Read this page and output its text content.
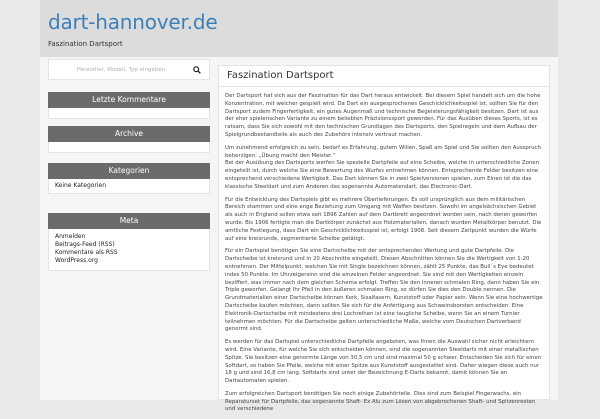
dart-hannover.de
Faszination Dartsport
Hersteller, Modell, Typ eingeben
Letzte Kommentare
Archive
Kategorien
Keine Kategorien
Meta
Anmelden
Beitrags-Feed (RSS)
Kommentare als RSS
WordPress.org
Faszination Dartsport

Der Dartsport hat sich aus der Faszination für das Dart heraus entwickelt. Bei diesem Spiel handelt sich um die hohe Konzentration, mit welcher gespielt wird. Da Dart ein ausgesprochenes Geschicklichkeitsspiel ist, sollten Sie für den Dartsport zudem Fingerfertigkeit, ein gutes Augenmaß und technische Begeisterungsfähigkeit besitzen. Dart ist aus der eher spielerischen Variante zu einem beliebten Präzisionssport geworden. Für das Ausüben dieses Sports, ist es ratsam, dass Sie sich sowohl mit den technischen Grundlagen des Dartsports, den Spielregeln und dem Aufbau der Spielgrundbestandteile als auch des Zubehörs intensiv vertraut machen.

Um zunehmend erfolgreich zu sein, bedarf es Erfahrung, gutem Willen, Spaß am Spiel und Sie sollten den Ausspruch beherzigen: „Übung macht den Meister.“
Bei der Ausübung des Dartsports werfen Sie spezielle Dartpfeile auf eine Scheibe, welche in unterschiedliche Zonen eingeteilt ist, durch welche Sie eine Bewertung des Wurfes entnehmen können. Entsprechende Felder besitzen eine entsprechend verschiedene Wertigkeit. Das Dart können Sie in zwei Spielversionen spielen, zum Einen ist die das klassische Steeldart und zum Anderen das sogenannte Automatendart, das Electronic-Dart.

Für die Entwicklung des Dartspiels gibt es mehrere Überlieferungen. Es soll ursprünglich aus dem militärischen Bereich stammen und eine enge Beziehung zum Umgang mit Waffen besitzen. Sowohl im angelsächsischen Gebiet als auch in England sollen etwa seit 1896 Zahlen auf dem Dartbrett angeordnet worden sein, nach denen geworfen wurde. Bis 1906 fertigte man die Dartkörper zunächst aus Holzmaterialien, danach wurden Metallkörper benutzt. Die amtliche Festlegung, dass Dart ein Geschicklichkeitsspiel ist, erfolgt 1908. Seit diesem Zeitpunkt wurden die Würfe auf eine kreisrunde, segmentierte Scheibe getätigt.

Für ein Dartspiel benötigen Sie eine Dartscheibe mit der entsprechenden Wertung und gute Dartpfeile. Die Dartscheibe ist kreisrund und in 20 Abschnitte eingeteilt. Diesen Abschnitten können Sie die Wertigkeit von 1-20 entnehmen. Der Mittelpunkt, welchen Sie mit Single bezeichnen können, zählt 25 Punkte, das Bull´s Eye bedeutet indes 50 Punkte. Im Uhrzeigersinn sind die einzelnen Felder angeordnet. Sie sind mit den Wertigkeiten einzeln beziffert, was immer nach dem gleichen Schema erfolgt. Treffen Sie den inneren schmalen Ring, dann haben Sie ein Triple geworfen. Gelangt Ihr Pfeil in den äußeren schmalen Ring, so dürfen Sie dies den Double nennen. Die Grundmaterialien einer Dartscheibe können Kork, Sisalfasern, Kunststoff oder Papier sein. Wenn Sie eine hochwertige Dartscheibe kaufen möchten, dann sollten Sie sich für die Anfertigung aus Schweinsborsten entscheiden. Eine Elektronik-Dartscheibe mit mindestens drei Lochreihen ist eine taugliche Scheibe, wenn Sie an einem Turnier teilnehmen möchten. Für die Dartscheibe gelten unterschiedliche Maße, welche vom Deutschen Dartverband genormt sind.

Es werden für das Dartspiel unterschiedliche Dartpfeile angeboten, was Ihnen die Auswahl sicher nicht erleichtern wird. Eine Variante, für welche Sie sich entscheiden können, sind die sogenannten Steeldarts mit einer metallischen Spitze. Sie besitzen eine genormte Länge von 30,5 cm und sind maximal 50 g schwer. Entscheiden Sie sich für einen Softdart, so haben Sie Pfeile, welche mit einer Spitze aus Kunststoff ausgestattet sind. Daher wiegen diese auch nur 18 g und sind 16,8 cm lang. Softdarts sind unter der Bezeichnung E-Darts bekannt, damit können Sie an Dartautomaten spielen.

Zum erfolgreichen Dartsport benötigen Sie noch einige Zubehörteile. Dies sind zum Beispiel Fingerwachs, ein Reparaturset für Dartpfeile, das sogenannte Shaft- Ex Alu zum Lösen von abgebrochenen Shaft- und Spitzenresten und verschiedene
